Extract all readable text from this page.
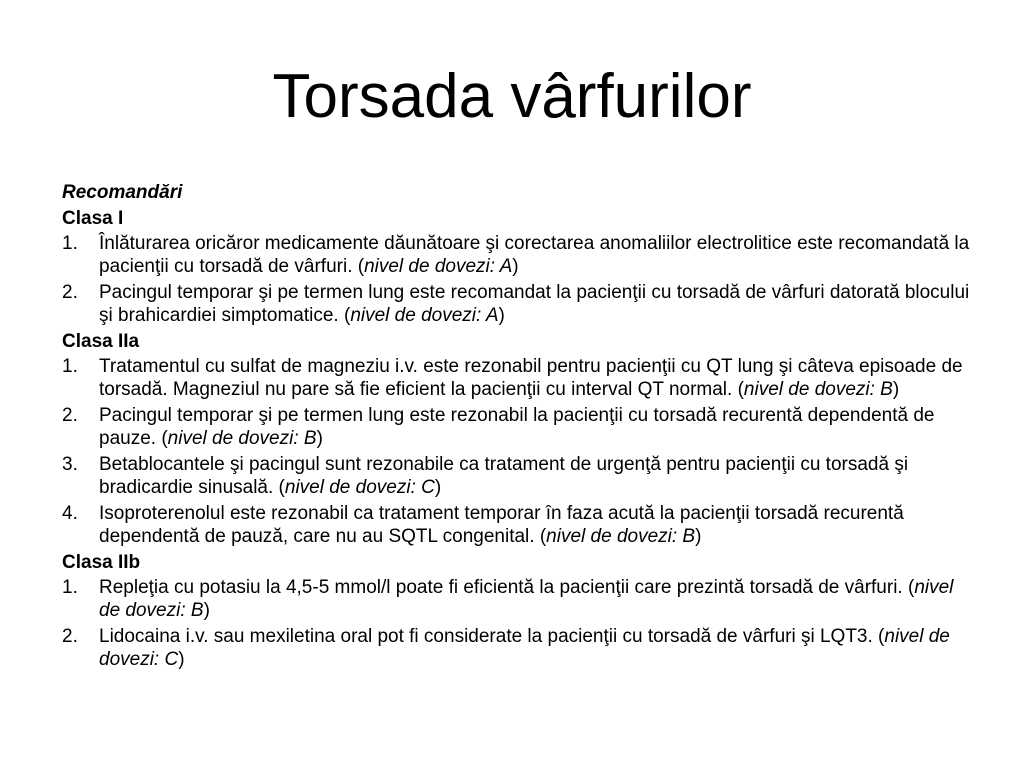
Torsada vârfurilor
Recomandări
Clasa I
1. Înlăturarea oricăror medicamente dăunătoare şi corectarea anomaliilor electrolitice este recomandată la pacienţii cu torsadă de vârfuri. (nivel de dovezi: A)
2. Pacingul temporar şi pe termen lung este recomandat la pacienţii cu torsadă de vârfuri datorată blocului şi brahicardiei simptomatice. (nivel de dovezi: A)
Clasa IIa
1. Tratamentul cu sulfat de magneziu i.v. este rezonabil pentru pacienţii cu QT lung şi câteva episoade de torsadă. Magneziul nu pare să fie eficient la pacienţii cu interval QT normal. (nivel de dovezi: B)
2. Pacingul temporar şi pe termen lung este rezonabil la pacienţii cu torsadă recurentă dependentă de pauze. (nivel de dovezi: B)
3. Betablocantele şi pacingul sunt rezonabile ca tratament de urgenţă pentru pacienţii cu torsadă şi bradicardie sinusală. (nivel de dovezi: C)
4. Isoproterenolul este rezonabil ca tratament temporar în faza acută la pacienţii torsadă recurentă dependentă de pauză, care nu au SQTL congenital. (nivel de dovezi: B)
Clasa IIb
1. Repleţia cu potasiu la 4,5-5 mmol/l poate fi eficientă la pacienţii care prezintă torsadă de vârfuri. (nivel de dovezi: B)
2. Lidocaina i.v. sau mexiletina oral pot fi considerate la pacienţii cu torsadă de vârfuri şi LQT3. (nivel de dovezi: C)
